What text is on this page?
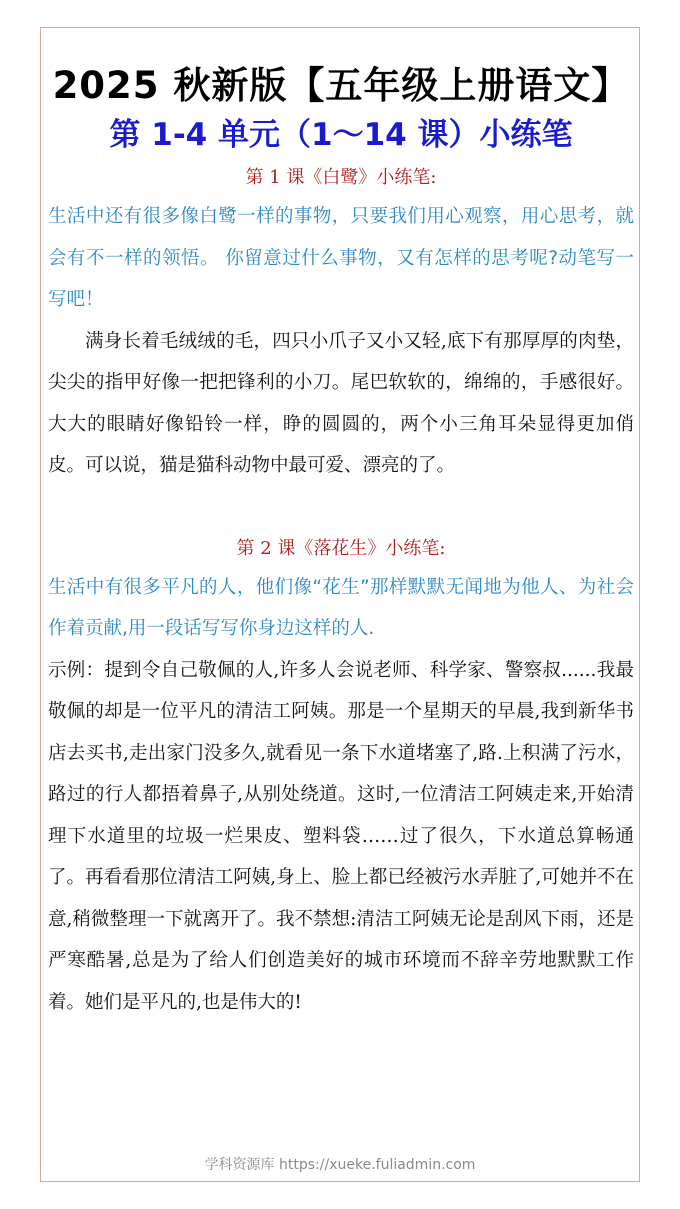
2025 秋新版【五年级上册语文】
第 1-4 单元（1～14 课）小练笔
第 1 课《白鹭》小练笔:
生活中还有很多像白鹭一样的事物，只要我们用心观察，用心思考，就会有不一样的领悟。 你留意过什么事物，又有怎样的思考呢?动笔写一写吧！
满身长着毛绒绒的毛，四只小爪子又小又轻,底下有那厚厚的肉垫，尖尖的指甲好像一把把锋利的小刀。尾巴软软的，绵绵的，手感很好。大大的眼睛好像铅铃一样，睁的圆圆的，两个小三角耳朵显得更加俏皮。可以说，猫是猫科动物中最可爱、漂亮的了。
第 2 课《落花生》小练笔:
生活中有很多平凡的人，他们像“花生”那样默默无闻地为他人、为社会作着贡献,用一段话写写你身边这样的人.
示例：提到令自己敬佩的人,许多人会说老师、科学家、警察叔......我最敬佩的却是一位平凡的清洁工阿姨。那是一个星期天的早晨,我到新华书店去买书,走出家门没多久,就看见一条下水道堵塞了,路.上积满了污水，路过的行人都捂着鼻子,从别处绕道。这时,一位清洁工阿姨走来,开始清理下水道里的垃圾一烂果皮、塑料袋……过了很久，下水道总算畅通了。再看看那位清洁工阿姨,身上、脸上都已经被污水弄脏了,可她并不在意,稍微整理一下就离开了。我不禁想:清洁工阿姨无论是刮风下雨，还是严寒酷暑,总是为了给人们创造美好的城市环境而不辞辛劳地默默工作着。她们是平凡的,也是伟大的!
学科资源库 https://xueke.fuliadmin.com
